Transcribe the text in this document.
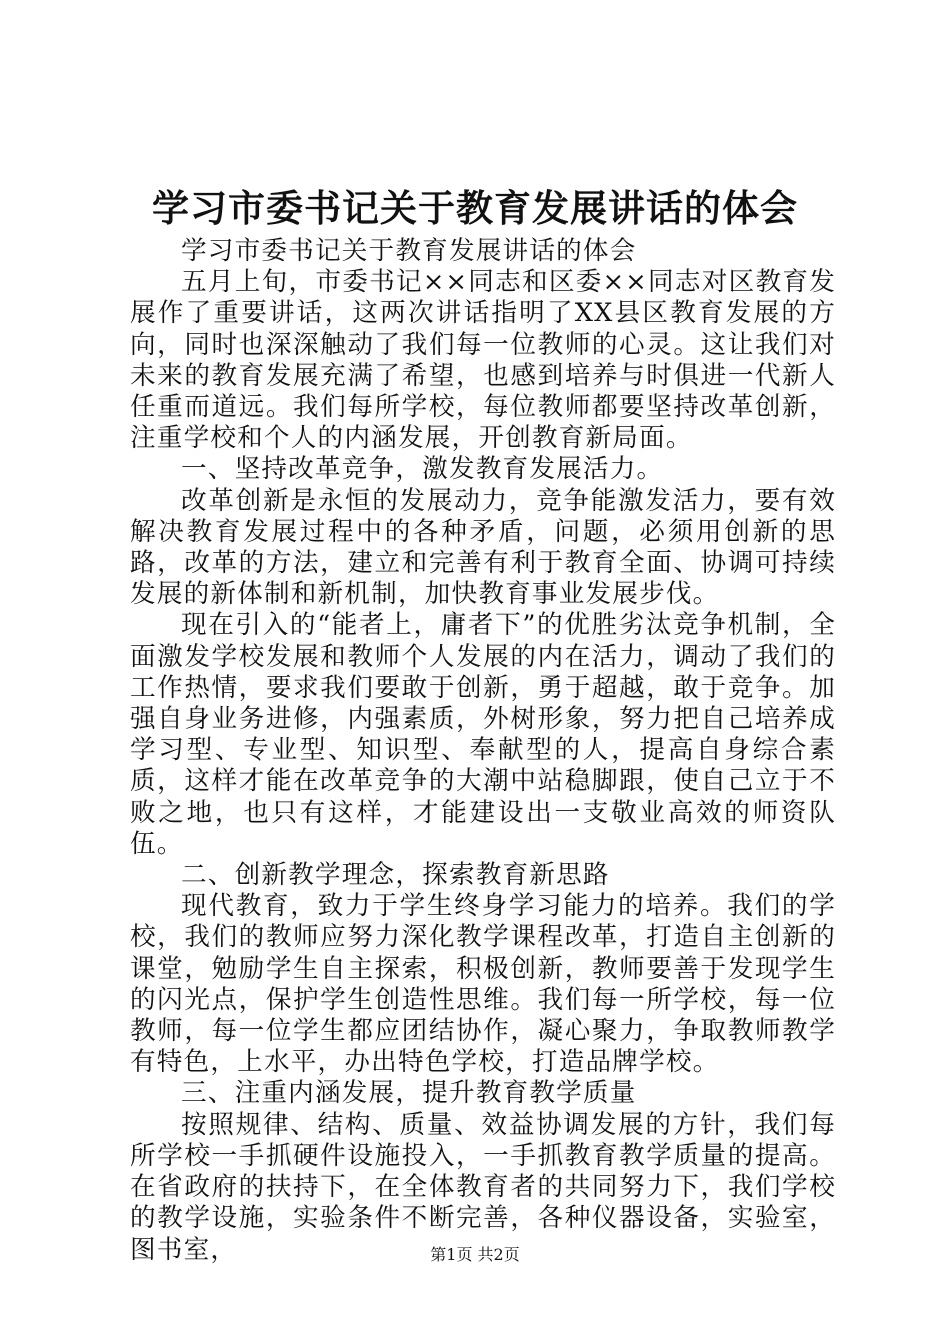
学习市委书记关于教育发展讲话的体会

学习市委书记关于教育发展讲话的体会

五月上旬，市委书记××同志和区委××同志对区教育发展作了重要讲话，这两次讲话指明了XX县区教育发展的方向，同时也深深触动了我们每一位教师的心灵。这让我们对未来的教育发展充满了希望，也感到培养与时俱进一代新人任重而道远。我们每所学校，每位教师都要坚持改革创新，注重学校和个人的内涵发展，开创教育新局面。

一、坚持改革竞争，激发教育发展活力。

改革创新是永恒的发展动力，竞争能激发活力，要有效解决教育发展过程中的各种矛盾，问题，必须用创新的思路，改革的方法，建立和完善有利于教育全面、协调可持续发展的新体制和新机制，加快教育事业发展步伐。

现在引入的“能者上，庸者下”的优胜劣汰竞争机制，全面激发学校发展和教师个人发展的内在活力，调动了我们的工作热情，要求我们要敢于创新，勇于超越，敢于竞争。加强自身业务进修，内强素质，外树形象，努力把自己培养成学习型、专业型、知识型、奉献型的人，提高自身综合素质，这样才能在改革竞争的大潮中站稳脚跟，使自己立于不败之地，也只有这样，才能建设出一支敬业高效的师资队伍。

二、创新教学理念，探索教育新思路

现代教育，致力于学生终身学习能力的培养。我们的学校，我们的教师应努力深化教学课程改革，打造自主创新的课堂，勉励学生自主探索，积极创新，教师要善于发现学生的闪光点，保护学生创造性思维。我们每一所学校，每一位教师，每一位学生都应团结协作，凝心聚力，争取教师教学有特色，上水平，办出特色学校，打造品牌学校。

三、注重内涵发展，提升教育教学质量

按照规律、结构、质量、效益协调发展的方针，我们每所学校一手抓硬件设施投入，一手抓教育教学质量的提高。在省政府的扶持下，在全体教育者的共同努力下，我们学校的教学设施，实验条件不断完善，各种仪器设备，实验室，图书室，	第1页 共2页
